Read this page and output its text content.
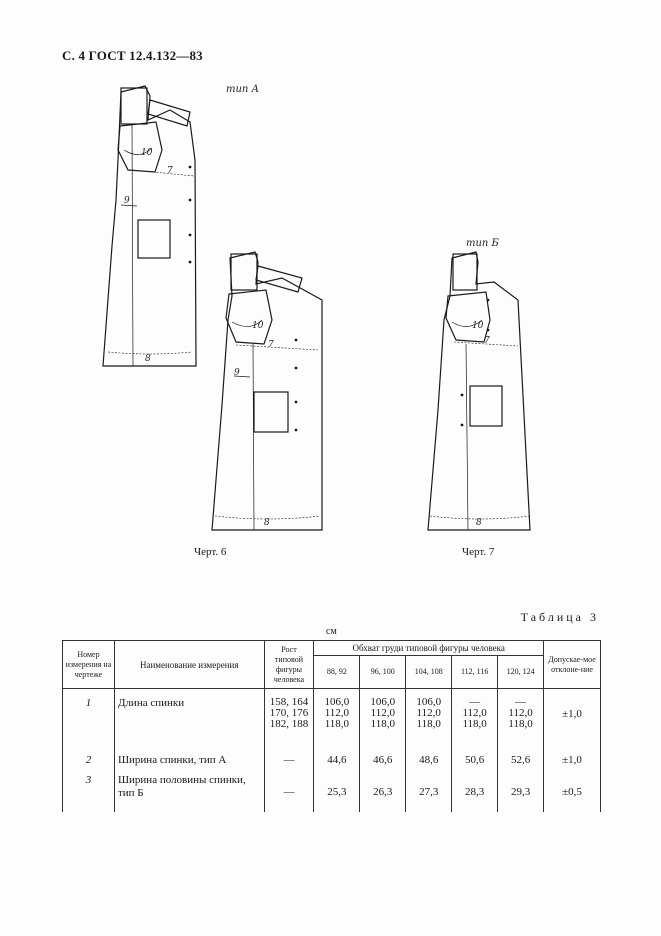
С. 4 ГОСТ 12.4.132—83
10
7
8
9
тип А
10
7
8
9
10
7
8
тип Б
Черт. 6	Черт. 7
Таблица 3
см
Номер измерения на чертеже	Наименование измерения	Рост типовой фигуры человека	Обхват груди типовой фигуры человека					Допускае-мое отклоне-ние
			88, 92	96, 100	104, 108	112, 116	120, 124	
1	Длина спинки	158, 164
170, 176
182, 188	106,0
112,0
118,0	106,0
112,0
118,0	106,0
112,0
118,0	—
112,0
118,0	—
112,0
118,0	±1,0
2	Ширина спинки, тип А	—	44,6	46,6	48,6	50,6	52,6	±1,0
3	Ширина половины спинки, тип Б	—	25,3	26,3	27,3	28,3	29,3	±0,5
